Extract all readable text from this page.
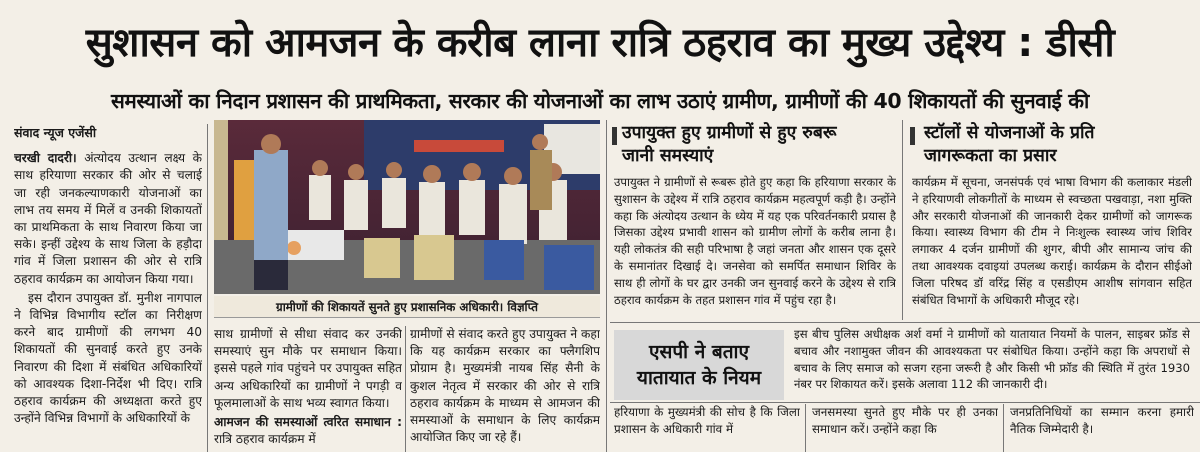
सुशासन को आमजन के करीब लाना रात्रि ठहराव का मुख्य उद्देश्य : डीसी
समस्याओं का निदान प्रशासन की प्राथमिकता, सरकार की योजनाओं का लाभ उठाएं ग्रामीण, ग्रामीणों की 40 शिकायतों की सुनवाई की
संवाद न्यूज एजेंसी

चरखी दादरी। अंत्योदय उत्थान लक्ष्य के साथ हरियाणा सरकार की ओर से चलाई जा रही जनकल्याणकारी योजनाओं का लाभ तय समय में मिलें व उनकी शिकायतों का प्राथमिकता के साथ निवारण किया जा सके। इन्हीं उद्देश्य के साथ जिला के हड़ौदा गांव में जिला प्रशासन की ओर से रात्रि ठहराव कार्यक्रम का आयोजन किया गया।

इस दौरान उपायुक्त डॉ. मुनीश नागपाल ने विभिन्न विभागीय स्टॉल का निरीक्षण करने बाद ग्रामीणों की लगभग 40 शिकायतों की सुनवाई करते हुए उनके निवारण की दिशा में संबंधित अधिकारियों को आवश्यक दिशा-निर्देश भी दिए। रात्रि ठहराव कार्यक्रम की अध्यक्षता करते हुए उन्होंने विभिन्न विभागों के अधिकारियों के

ग्रामीणों की शिकायतें सुनते हुए प्रशासनिक अधिकारी।
विज्ञप्ति

साथ ग्रामीणों से सीधा संवाद कर उनकी समस्याएं सुन मौके पर समाधान किया। इससे पहले गांव पहुंचने पर उपायुक्त सहित अन्य अधिकारियों का ग्रामीणों ने पगड़ी व फूलमालाओं के साथ भव्य स्वागत किया।

आमजन की समस्याओं त्वरित समाधान : रात्रि ठहराव कार्यक्रम में

ग्रामीणों से संवाद करते हुए उपायुक्त ने कहा कि यह कार्यक्रम सरकार का फ्लैगशिप प्रोग्राम है। मुख्यमंत्री नायब सिंह सैनी के कुशल नेतृत्व में सरकार की ओर से रात्रि ठहराव कार्यक्रम के माध्यम से आमजन की समस्याओं के समाधान के लिए कार्यक्रम आयोजित किए जा रहे हैं।

उपायुक्त हुए ग्रामीणों से हुए रुबरू
जानी समस्याएं
उपायुक्त ने ग्रामीणों से रूबरू होते हुए कहा कि हरियाणा सरकार के सुशासन के उद्देश्य में रात्रि ठहराव कार्यक्रम महत्वपूर्ण कड़ी है। उन्होंने कहा कि अंत्योदय उत्थान के ध्येय में यह एक परिवर्तनकारी प्रयास है जिसका उद्देश्य प्रभावी शासन को ग्रामीण लोगों के करीब लाना है। यही लोकतंत्र की सही परिभाषा है जहां जनता और शासन एक दूसरे के समानांतर दिखाई दे। जनसेवा को समर्पित समाधान शिविर के साथ ही लोगों के घर द्वार उनकी जन सुनवाई करने के उद्देश्य से रात्रि ठहराव कार्यक्रम के तहत प्रशासन गांव में पहुंच रहा है।
स्टॉलों से योजनाओं के प्रति
जागरूकता का प्रसार
कार्यक्रम में सूचना, जनसंपर्क एवं भाषा विभाग की कलाकार मंडली ने हरियाणवी लोकगीतों के माध्यम से स्वच्छता पखवाड़ा, नशा मुक्ति और सरकारी योजनाओं की जानकारी देकर ग्रामीणों को जागरूक किया। स्वास्थ्य विभाग की टीम ने निःशुल्क स्वास्थ्य जांच शिविर लगाकर 4 दर्जन ग्रामीणों की शुगर, बीपी और सामान्य जांच की तथा आवश्यक दवाइयां उपलब्ध कराई। कार्यक्रम के दौरान सीईओ जिला परिषद डॉ वरिंद्र सिंह व एसडीएम आशीष सांगवान सहित संबंधित विभागों के अधिकारी मौजूद रहे।
एसपी ने बताए
यातायात के नियम
इस बीच पुलिस अधीक्षक अर्श वर्मा ने ग्रामीणों को यातायात नियमों के पालन, साइबर फ्रॉड से बचाव और नशामुक्त जीवन की आवश्यकता पर संबोधित किया। उन्होंने कहा कि अपराधों से बचाव के लिए समाज को सजग रहना जरूरी है और किसी भी फ्रॉड की स्थिति में तुरंत 1930 नंबर पर शिकायत करें। इसके अलावा 112 की जानकारी दी।
हरियाणा के मुख्यमंत्री की सोच है कि जिला प्रशासन के अधिकारी गांव में
जनसमस्या सुनते हुए मौके पर ही उनका समाधान करें। उन्होंने कहा कि
जनप्रतिनिधियों का सम्मान करना हमारी नैतिक जिम्मेदारी है।
